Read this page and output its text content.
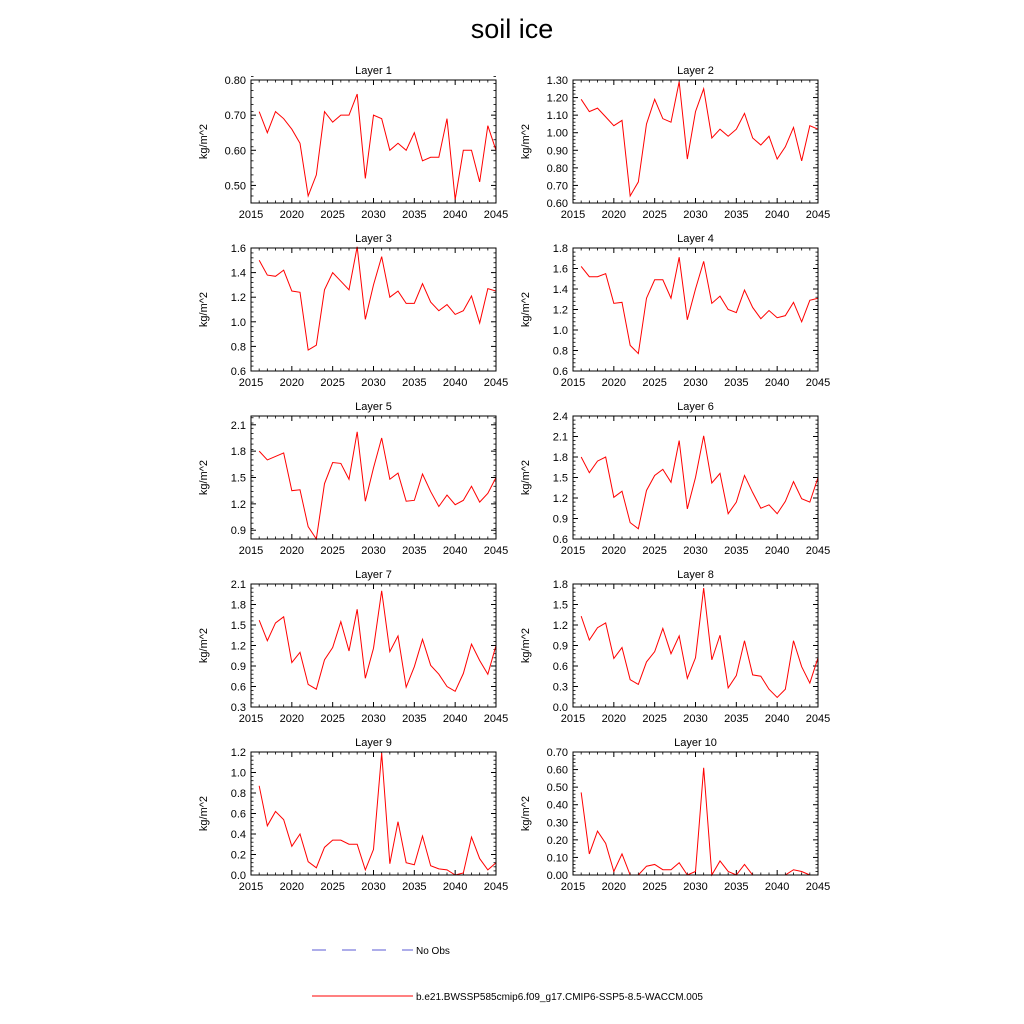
soil ice
Layer 1
kg/m^2
2015 2020 2025 2030 2035 2040 2045
0.50
0.60
0.70
0.80
Layer 2
kg/m^2
2015 2020 2025 2030 2035 2040 2045
0.60
0.70
0.80
0.90
1.00
1.10
1.20
1.30
Layer 3
kg/m^2
2015 2020 2025 2030 2035 2040 2045
0.6
0.8
1.0
1.2
1.4
1.6
Layer 4
kg/m^2
2015 2020 2025 2030 2035 2040 2045
0.6
0.8
1.0
1.2
1.4
1.6
1.8
Layer 5
kg/m^2
2015 2020 2025 2030 2035 2040 2045
0.9
1.2
1.5
1.8
2.1
Layer 6
kg/m^2
2015 2020 2025 2030 2035 2040 2045
0.6
0.9
1.2
1.5
1.8
2.1
2.4
Layer 7
kg/m^2
2015 2020 2025 2030 2035 2040 2045
0.3
0.6
0.9
1.2
1.5
1.8
2.1
Layer 8
kg/m^2
2015 2020 2025 2030 2035 2040 2045
0.0
0.3
0.6
0.9
1.2
1.5
1.8
Layer 9
kg/m^2
2015 2020 2025 2030 2035 2040 2045
0.0
0.2
0.4
0.6
0.8
1.0
1.2
Layer 10
kg/m^2
2015 2020 2025 2030 2035 2040 2045
0.00
0.10
0.20
0.30
0.40
0.50
0.60
0.70
No Obs
b.e21.BWSSP585cmip6.f09_g17.CMIP6-SSP5-8.5-WACCM.005
